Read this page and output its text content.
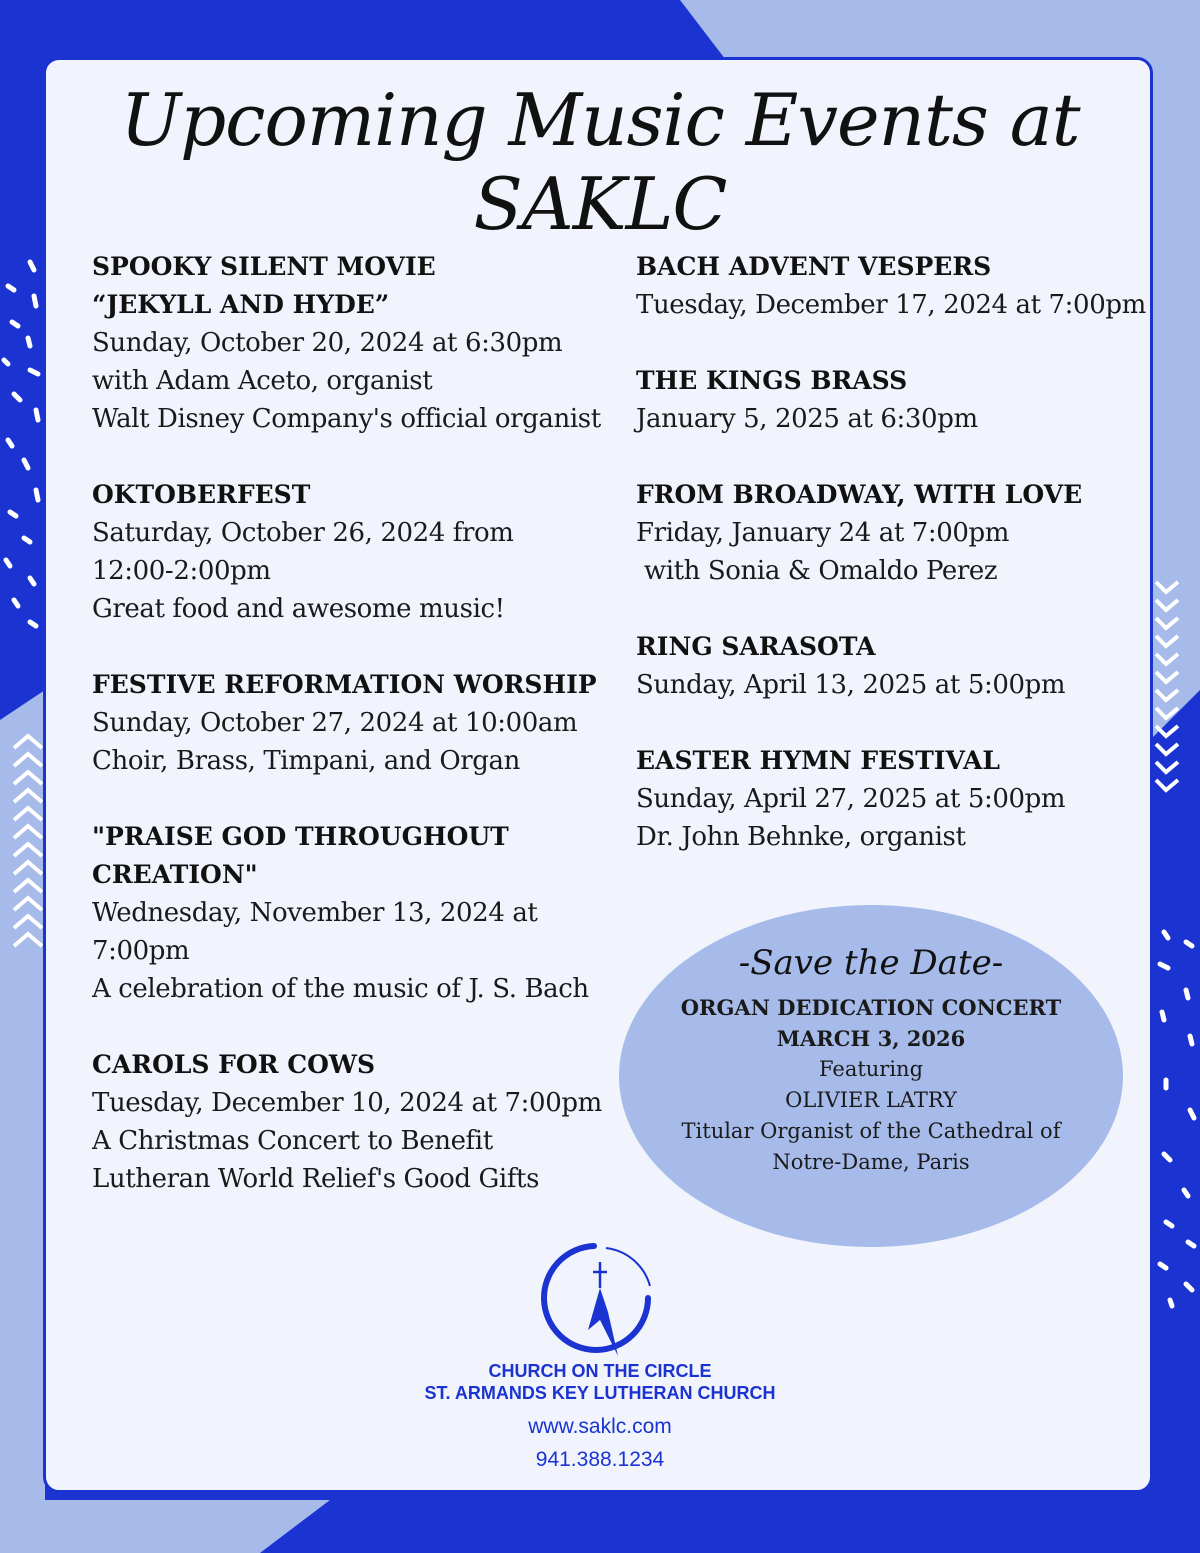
Upcoming Music Events at SAKLC
SPOOKY SILENT MOVIE
“JEKYLL AND HYDE”

Sunday, October 20, 2024 at 6:30pm

with Adam Aceto, organist

Walt Disney Company's official organist

OKTOBERFEST

Saturday, October 26, 2024 from

12:00-2:00pm

Great food and awesome music!

FESTIVE REFORMATION WORSHIP

Sunday, October 27, 2024 at 10:00am

Choir, Brass, Timpani, and Organ

"PRAISE GOD THROUGHOUT
CREATION"

Wednesday, November 13, 2024 at

7:00pm

A celebration of the music of J. S. Bach

CAROLS FOR COWS

Tuesday, December 10, 2024 at 7:00pm

A Christmas Concert to Benefit

Lutheran World Relief's Good Gifts

BACH ADVENT VESPERS

Tuesday, December 17, 2024 at 7:00pm

THE KINGS BRASS

January 5, 2025 at 6:30pm

FROM BROADWAY, WITH LOVE

Friday, January 24 at 7:00pm

with Sonia & Omaldo Perez

RING SARASOTA

Sunday, April 13, 2025 at 5:00pm

EASTER HYMN FESTIVAL

Sunday, April 27, 2025 at 5:00pm

Dr. John Behnke, organist

-Save the Date-

ORGAN DEDICATION CONCERT

MARCH 3, 2026

Featuring

OLIVIER LATRY

Titular Organist of the Cathedral of

Notre-Dame, Paris

CHURCH ON THE CIRCLE

ST. ARMANDS KEY LUTHERAN CHURCH

www.saklc.com

941.388.1234
